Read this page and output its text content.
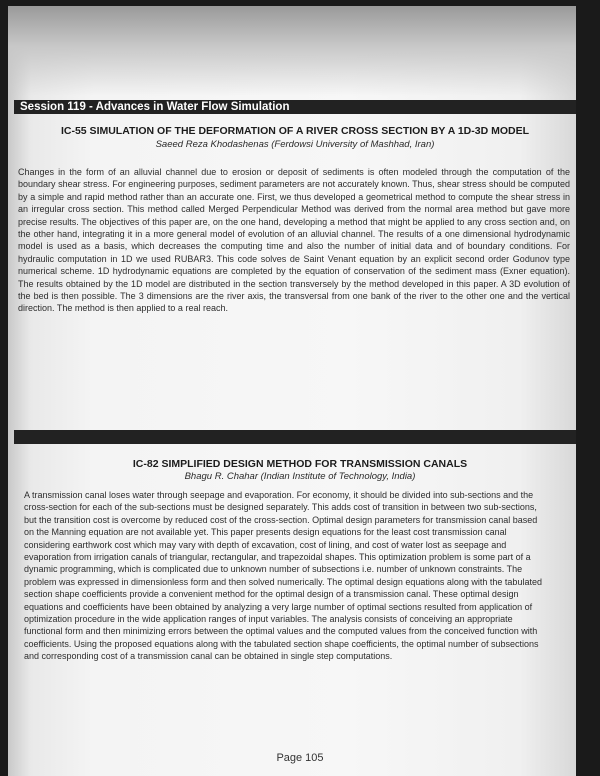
Session 119 - Advances in Water Flow Simulation
IC-55 SIMULATION OF THE DEFORMATION OF A RIVER CROSS SECTION BY A 1D-3D MODEL
Saeed Reza Khodashenas (Ferdowsi University of Mashhad, Iran)

Changes in the form of an alluvial channel due to erosion or deposit of sediments is often modeled through the computation of the boundary shear stress. For engineering purposes, sediment parameters are not accurately known. Thus, shear stress should be computed by a simple and rapid method rather than an accurate one. First, we thus developed a geometrical method to compute the shear stress in an irregular cross section. This method called Merged Perpendicular Method was derived from the normal area method but gave more precise results. The objectives of this paper are, on the one hand, developing a method that might be applied to any cross section and, on the other hand, integrating it in a more general model of evolution of an alluvial channel. The results of a one dimensional hydrodynamic model is used as a basis, which decreases the computing time and also the number of initial data and of boundary conditions. For hydraulic computation in 1D we used RUBAR3. This code solves de Saint Venant equation by an explicit second order Godunov type numerical scheme. 1D hydrodynamic equations are completed by the equation of conservation of the sediment mass (Exner equation). The results obtained by the 1D model are distributed in the section transversely by the method developed in this paper. A 3D evolution of the bed is then possible. The 3 dimensions are the river axis, the transversal from one bank of the river to the other one and the vertical direction. The method is then applied to a real reach.

IC-82 SIMPLIFIED DESIGN METHOD FOR TRANSMISSION CANALS
Bhagu R. Chahar (Indian Institute of Technology, India)

A transmission canal loses water through seepage and evaporation. For economy, it should be divided into sub-sections and the cross-section for each of the sub-sections must be designed separately. This adds cost of transition in between two sub-sections, but the transition cost is overcome by reduced cost of the cross-section. Optimal design parameters for transmission canal based on the Manning equation are not available yet. This paper presents design equations for the least cost transmission canal considering earthwork cost which may vary with depth of excavation, cost of lining, and cost of water lost as seepage and evaporation from irrigation canals of triangular, rectangular, and trapezoidal shapes. This optimization problem is some part of a dynamic programming, which is complicated due to unknown number of subsections i.e. number of unknown constraints. The problem was expressed in dimensionless form and then solved numerically. The optimal design equations along with the tabulated section shape coefficients provide a convenient method for the optimal design of a transmission canal. These optimal design equations and coefficients have been obtained by analyzing a very large number of optimal sections resulted from application of optimization procedure in the wide application ranges of input variables. The analysis consists of conceiving an appropriate functional form and then minimizing errors between the optimal values and the computed values from the conceived function with coefficients. Using the proposed equations along with the tabulated section shape coefficients, the optimal number of subsections and corresponding cost of a transmission canal can be obtained in single step computations.

Page 105
